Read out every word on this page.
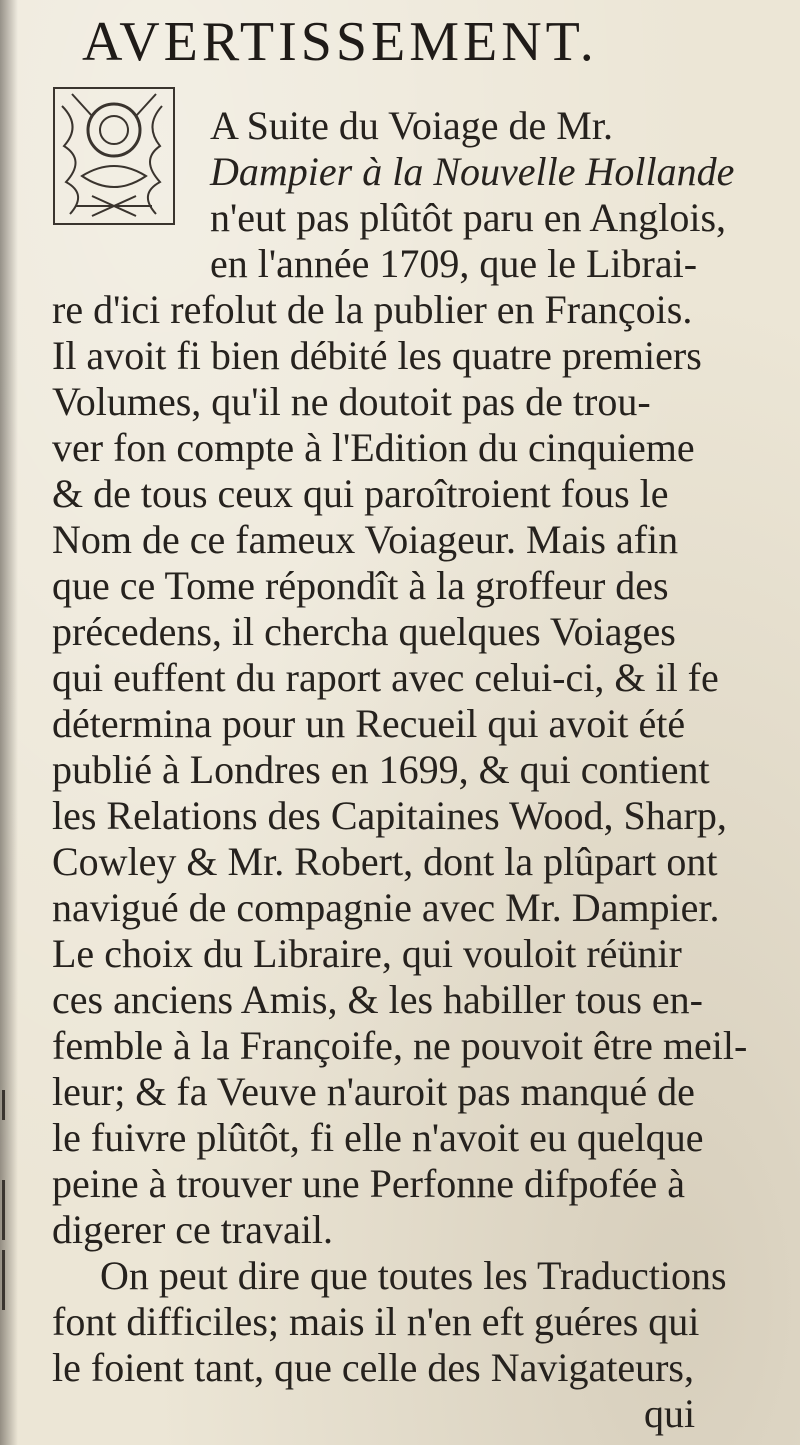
AVERTISSEMENT.
A Suite du Voiage de Mr.
Dampier à la Nouvelle Hollande
n'eut pas plûtôt paru en Anglois,
en l'année 1709, que le Librai-
re d'ici refolut de la publier en François.
Il avoit fi bien débité les quatre premiers
Volumes, qu'il ne doutoit pas de trou-
ver fon compte à l'Edition du cinquieme
& de tous ceux qui paroîtroient fous le
Nom de ce fameux Voiageur. Mais afin
que ce Tome répondît à la groffeur des
précedens, il chercha quelques Voiages
qui euffent du raport avec celui-ci, & il fe
détermina pour un Recueil qui avoit été
publié à Londres en 1699, & qui contient
les Relations des Capitaines Wood, Sharp,
Cowley & Mr. Robert, dont la plûpart ont
navigué de compagnie avec Mr. Dampier.
Le choix du Libraire, qui vouloit réünir
ces anciens Amis, & les habiller tous en-
femble à la Françoife, ne pouvoit être meil-
leur; & fa Veuve n'auroit pas manqué de
le fuivre plûtôt, fi elle n'avoit eu quelque
peine à trouver une Perfonne difpofée à
digerer ce travail.
On peut dire que toutes les Traductions
font difficiles; mais il n'en eft guéres qui
le foient tant, que celle des Navigateurs,
qui
